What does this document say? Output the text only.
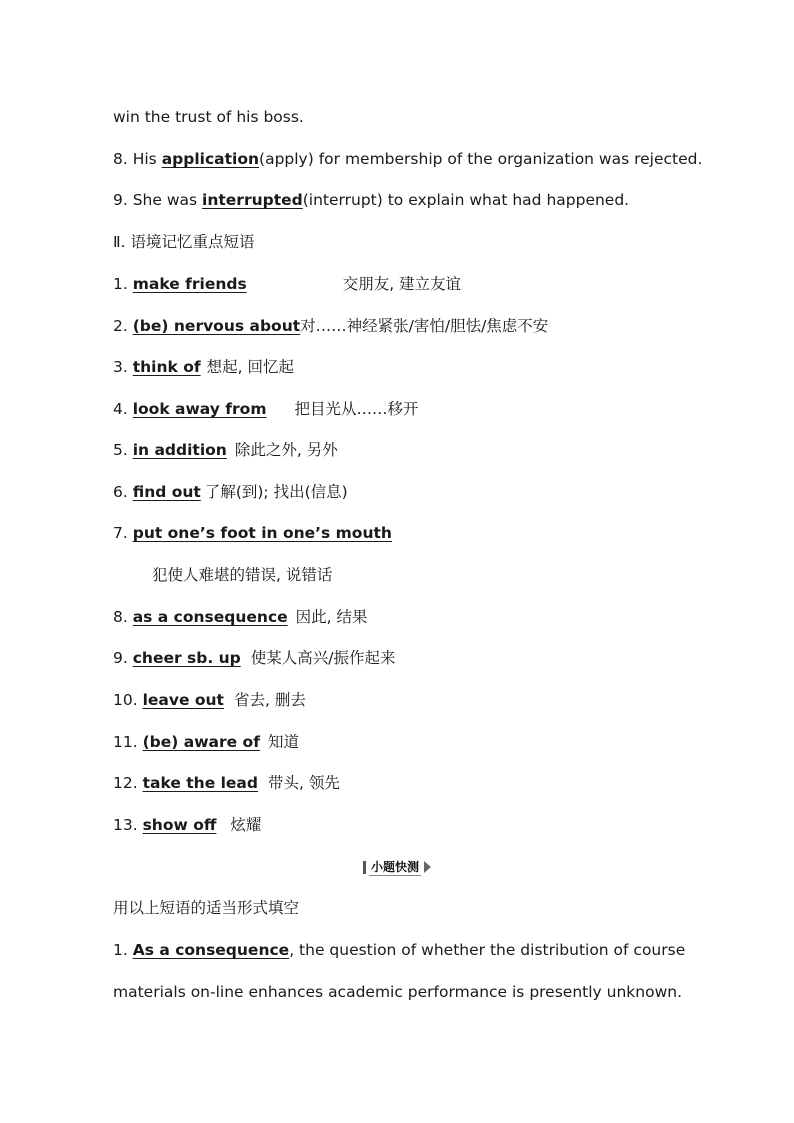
win the trust of his boss.
8. His application(apply) for membership of the organization was rejected.
9. She was interrupted(interrupt) to explain what had happened.
Ⅱ. 语境记忆重点短语
1. make friends	交朋友, 建立友谊
2. (be) nervous about对……神经紧张/害怕/胆怯/焦虑不安
3. think of 想起, 回忆起
4. look away from 把目光从……移开
5. in addition 除此之外, 另外
6. find out 了解(到); 找出(信息)
7. put one’s foot in one’s mouth
犯使人难堪的错误, 说错话
8. as a consequence 因此, 结果
9. cheer sb. up 使某人高兴/振作起来
10. leave out 省去, 删去
11. (be) aware of 知道
12. take the lead 带头, 领先
13. show off 炫耀
小题快测
用以上短语的适当形式填空
1. As a consequence, the question of whether the distribution of course
materials on-line enhances academic performance is presently unknown.
